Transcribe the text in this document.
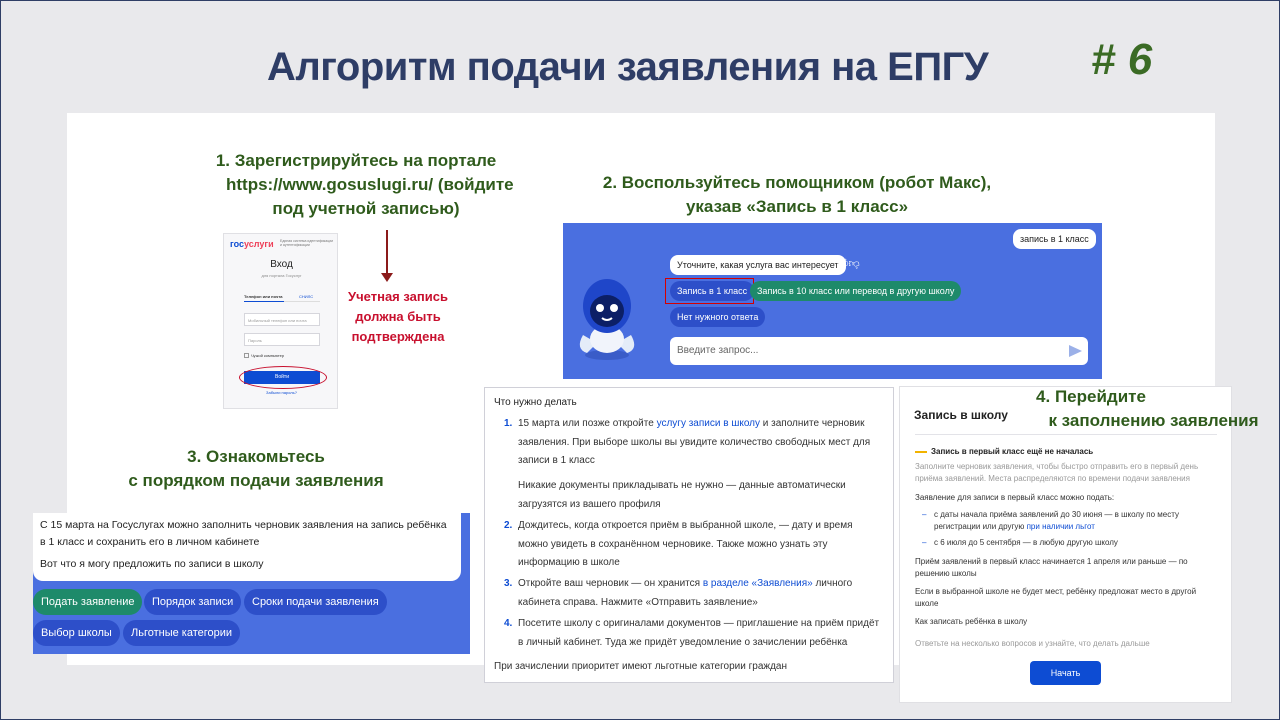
Алгоритм подачи заявления на ЕПГУ # 6
1. Зарегистрируйтесь на портале
https://www.gosuslugi.ru/ (войдите
под учетной записью)
госуслуги Единая система идентификации и аутентификации
Вход
для портала Госуслуг
Телефон или почта	СНИЛС
Мобильный телефон или почта
Пароль
Чужой компьютер
Войти
Забыли пароль?
Учетная запись
должна быть
подтверждена
2. Воспользуйтесь помощником (робот Макс),
указав «Запись в 1 класс»
запись в 1 класс
Уточните, какая услуга вас интересует
👍︎👎︎
Запись в 1 класс	Запись в 10 класс или перевод в другую школу
Нет нужного ответа
Введите запрос...
3. Ознакомьтесь
с порядком подачи заявления
С 15 марта на Госуслугах можно заполнить черновик заявления на запись ребёнка в 1 класс и сохранить его в личном кабинете
Вот что я могу предложить по записи в школу
Подать заявление	Порядок записи	Сроки подачи заявления
Выбор школы	Льготные категории
Что нужно делать
1. 15 марта или позже откройте услугу записи в школу и заполните черновик заявления. При выборе школы вы увидите количество свободных мест для записи в 1 класс
Никакие документы прикладывать не нужно — данные автоматически загрузятся из вашего профиля
2. Дождитесь, когда откроется приём в выбранной школе, — дату и время можно увидеть в сохранённом черновике. Также можно узнать эту информацию в школе
3. Откройте ваш черновик — он хранится в разделе «Заявления» личного кабинета справа. Нажмите «Отправить заявление»
4. Посетите школу с оригиналами документов — приглашение на приём придёт в личный кабинет. Туда же придёт уведомление о зачислении ребёнка
При зачислении приоритет имеют льготные категории граждан
Запись в школу
Запись в первый класс ещё не началась
Заполните черновик заявления, чтобы быстро отправить его в первый день приёма заявлений. Места распределяются по времени подачи заявления
Заявление для записи в первый класс можно подать:
– с даты начала приёма заявлений до 30 июня — в школу по месту регистрации или другую при наличии льгот
– с 6 июля до 5 сентября — в любую другую школу
Приём заявлений в первый класс начинается 1 апреля или раньше — по решению школы
Если в выбранной школе не будет мест, ребёнку предложат место в другой школе
Как записать ребёнка в школу
Ответьте на несколько вопросов и узнайте, что делать дальше
Начать
4. Перейдите
к заполнению заявления
